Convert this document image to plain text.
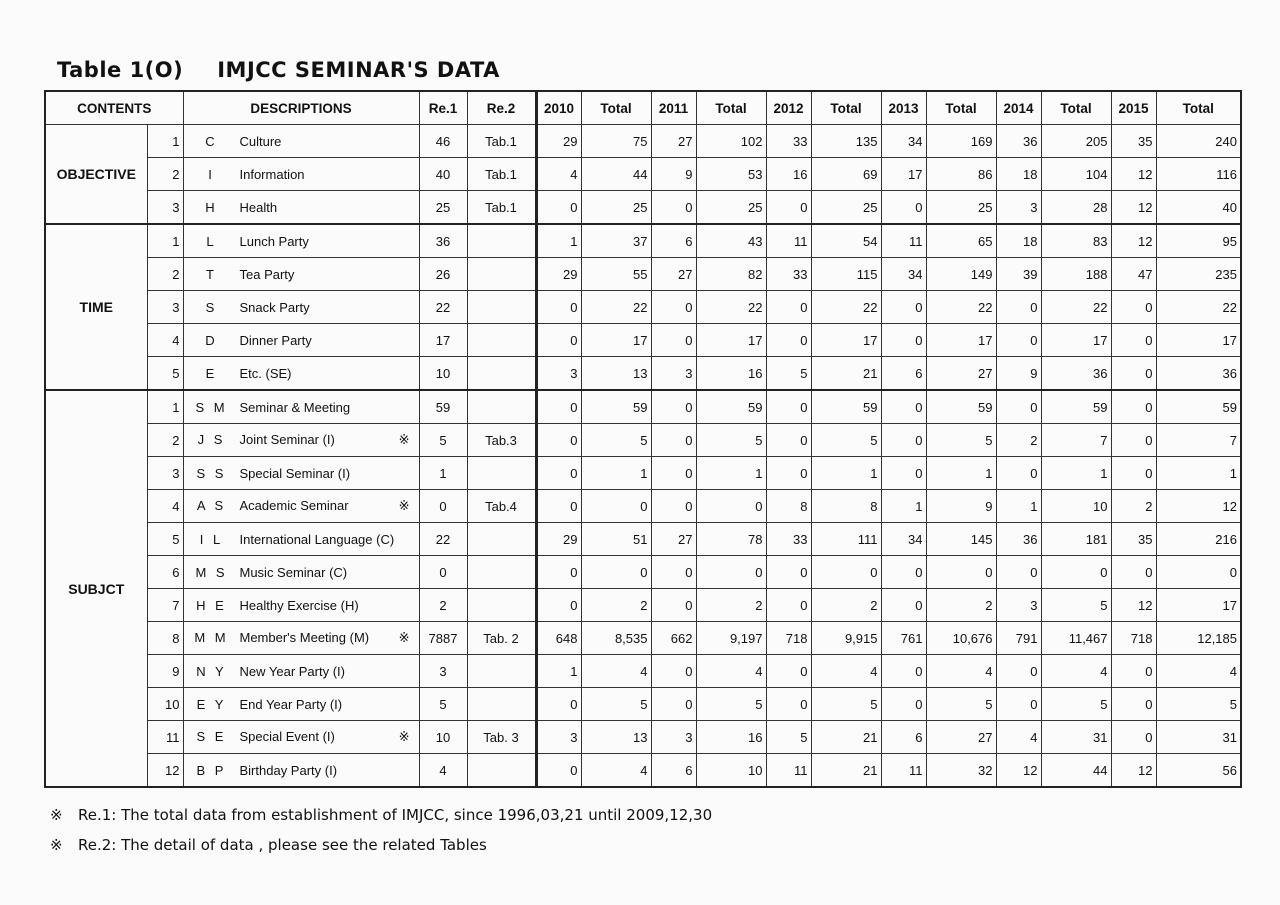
Table 1(O) IMJCC SEMINAR'S DATA
CONTENTS		DESCRIPTIONS	Re.1	Re.2	2010	Total	2011	Total	2012	Total	2013	Total	2014	Total	2015	Total
OBJECTIVE	1	C Culture	46	Tab.1	29	75	27	102	33	135	34	169	36	205	35	240
	2	I Information	40	Tab.1	4	44	9	53	16	69	17	86	18	104	12	116
	3	H Health	25	Tab.1	0	25	0	25	0	25	0	25	3	28	12	40
TIME	1	L Lunch Party	36		1	37	6	43	11	54	11	65	18	83	12	95
	2	T Tea Party	26		29	55	27	82	33	115	34	149	39	188	47	235
	3	S Snack Party	22		0	22	0	22	0	22	0	22	0	22	0	22
	4	D Dinner Party	17		0	17	0	17	0	17	0	17	0	17	0	17
	5	E Etc. (SE)	10		3	13	3	16	5	21	6	27	9	36	0	36
SUBJCT	1	S M Seminar & Meeting	59		0	59	0	59	0	59	0	59	0	59	0	59
	2	J S Joint Seminar (I) ※	5	Tab.3	0	5	0	5	0	5	0	5	2	7	0	7
	3	S S Special Seminar (I)	1		0	1	0	1	0	1	0	1	0	1	0	1
	4	A S Academic Seminar ※	0	Tab.4	0	0	0	0	8	8	1	9	1	10	2	12
	5	I L International Language (C)	22		29	51	27	78	33	111	34	145	36	181	35	216
	6	M S Music Seminar (C)	0		0	0	0	0	0	0	0	0	0	0	0	0
	7	H E Healthy Exercise (H)	2		0	2	0	2	0	2	0	2	3	5	12	17
	8	M M Member's Meeting (M) ※	7887	Tab. 2	648	8,535	662	9,197	718	9,915	761	10,676	791	11,467	718	12,185
	9	N Y New Year Party (I)	3		1	4	0	4	0	4	0	4	0	4	0	4
	10	E Y End Year Party (I)	5		0	5	0	5	0	5	0	5	0	5	0	5
	11	S E Special Event (I) ※	10	Tab. 3	3	13	3	16	5	21	6	27	4	31	0	31
	12	B P Birthday Party (I)	4		0	4	6	10	11	21	11	32	12	44	12	56
※ Re.1: The total data from establishment of IMJCC, since 1996,03,21 until 2009,12,30
※ Re.2: The detail of data , please see the related Tables
